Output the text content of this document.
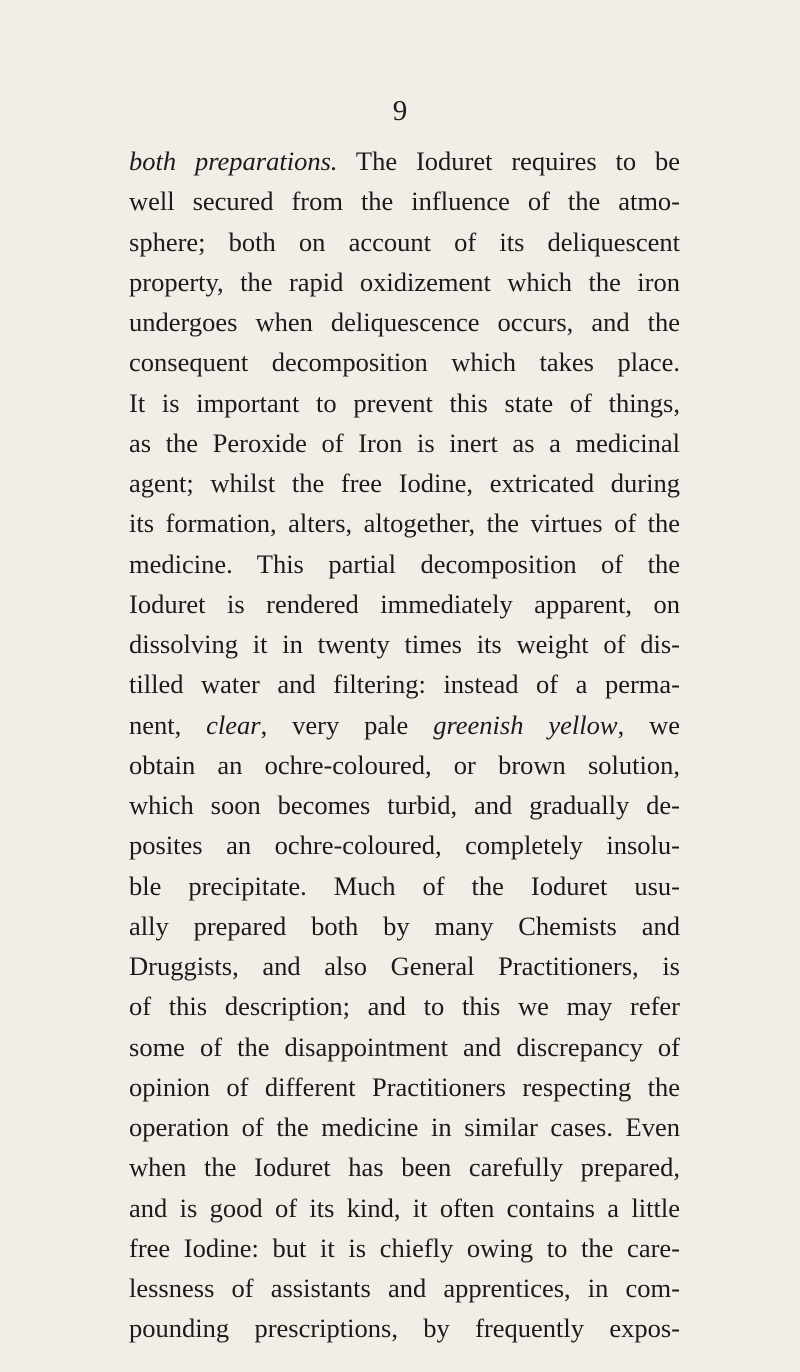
9
both preparations. The Ioduret requires to be
well secured from the influence of the atmo-
sphere; both on account of its deliquescent
property, the rapid oxidizement which the iron
undergoes when deliquescence occurs, and the
consequent decomposition which takes place.
It is important to prevent this state of things,
as the Peroxide of Iron is inert as a medicinal
agent; whilst the free Iodine, extricated during
its formation, alters, altogether, the virtues of the
medicine. This partial decomposition of the
Ioduret is rendered immediately apparent, on
dissolving it in twenty times its weight of dis-
tilled water and filtering: instead of a perma-
nent, clear, very pale greenish yellow, we
obtain an ochre-coloured, or brown solution,
which soon becomes turbid, and gradually de-
posites an ochre-coloured, completely insolu-
ble precipitate. Much of the Ioduret usu-
ally prepared both by many Chemists and
Druggists, and also General Practitioners, is
of this description; and to this we may refer
some of the disappointment and discrepancy of
opinion of different Practitioners respecting the
operation of the medicine in similar cases. Even
when the Ioduret has been carefully prepared,
and is good of its kind, it often contains a little
free Iodine: but it is chiefly owing to the care-
lessness of assistants and apprentices, in com-
pounding prescriptions, by frequently expos-
